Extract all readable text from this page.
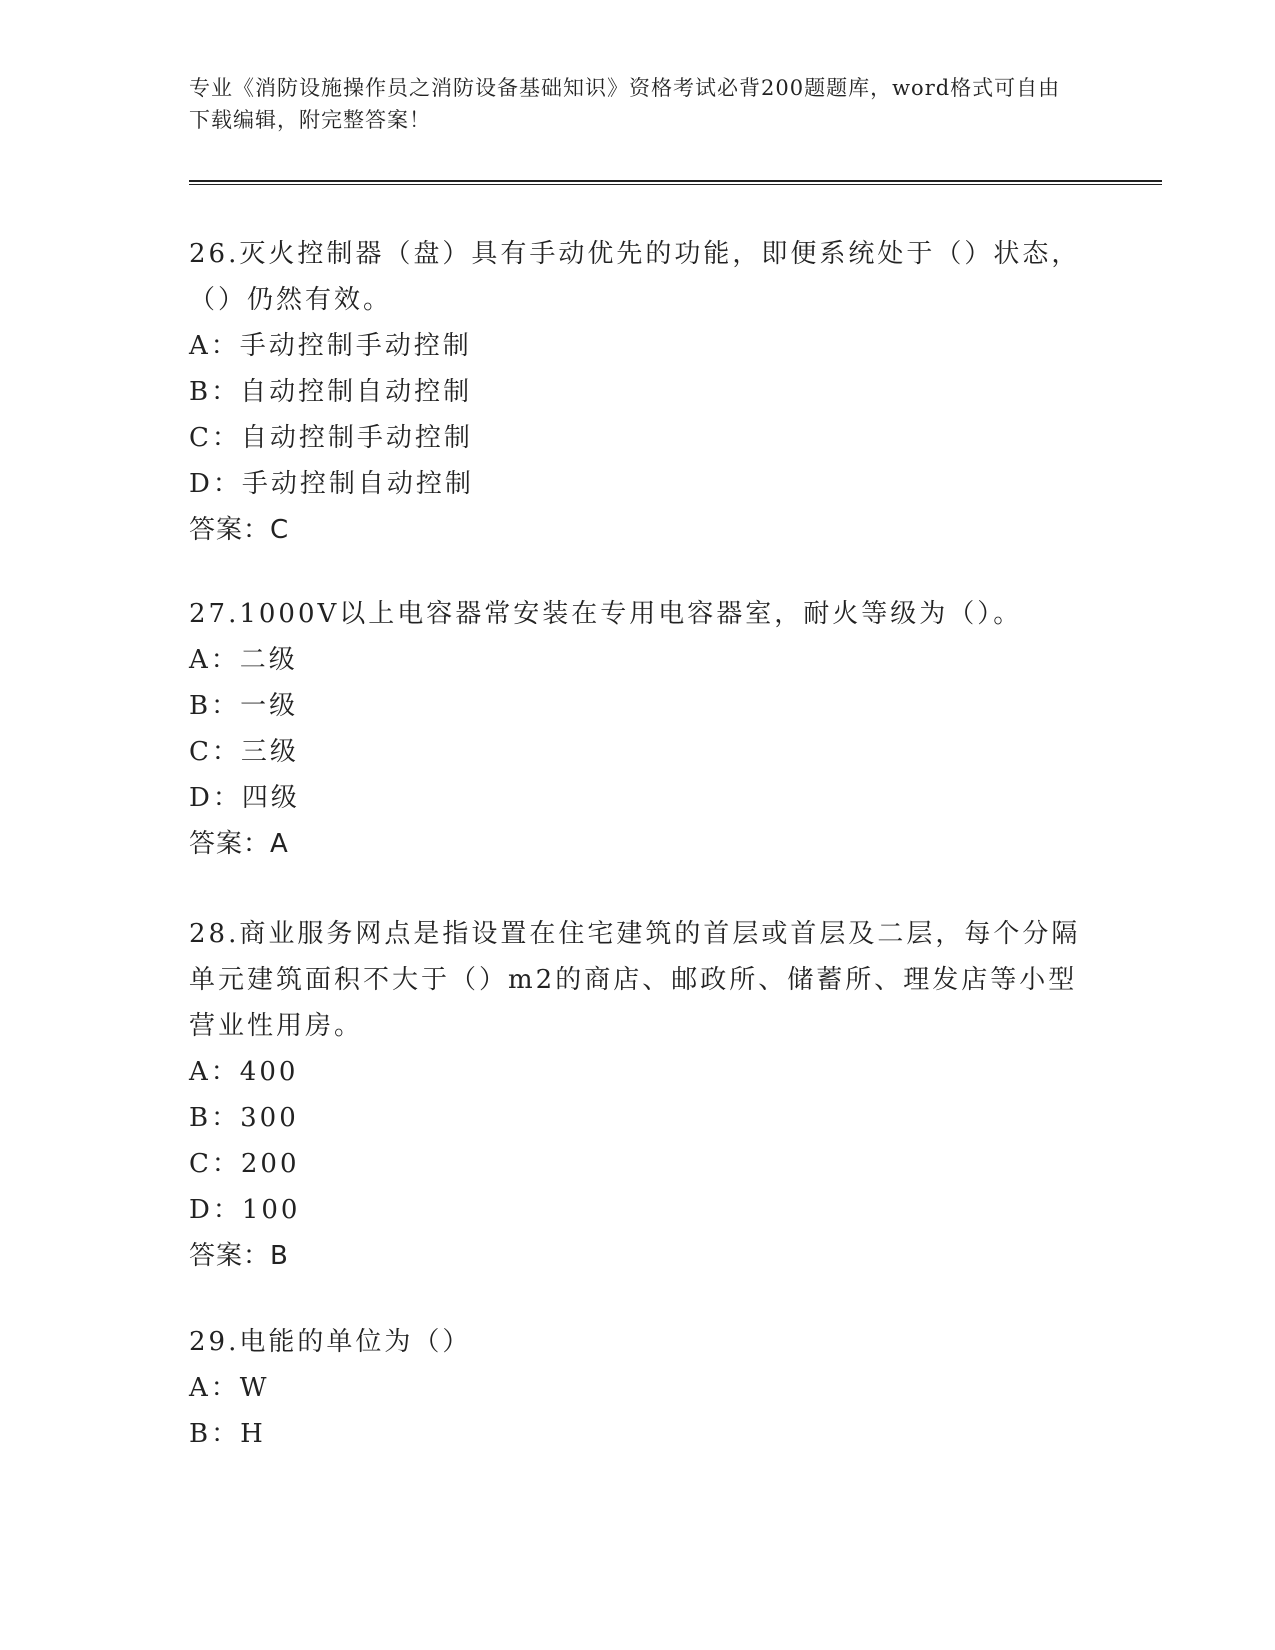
专业《消防设施操作员之消防设备基础知识》资格考试必背200题题库，word格式可自由下载编辑，附完整答案！

26.灭火控制器（盘）具有手动优先的功能，即便系统处于（）状态，（）仍然有效。

A：手动控制手动控制

B：自动控制自动控制

C：自动控制手动控制

D：手动控制自动控制

答案：C

27.1000V以上电容器常安装在专用电容器室，耐火等级为（）。

A：二级

B：一级

C：三级

D：四级

答案：A

28.商业服务网点是指设置在住宅建筑的首层或首层及二层，每个分隔单元建筑面积不大于（）m2的商店、邮政所、储蓄所、理发店等小型营业性用房。

A：400

B：300

C：200

D：100

答案：B

29.电能的单位为（）

A：W

B：H
